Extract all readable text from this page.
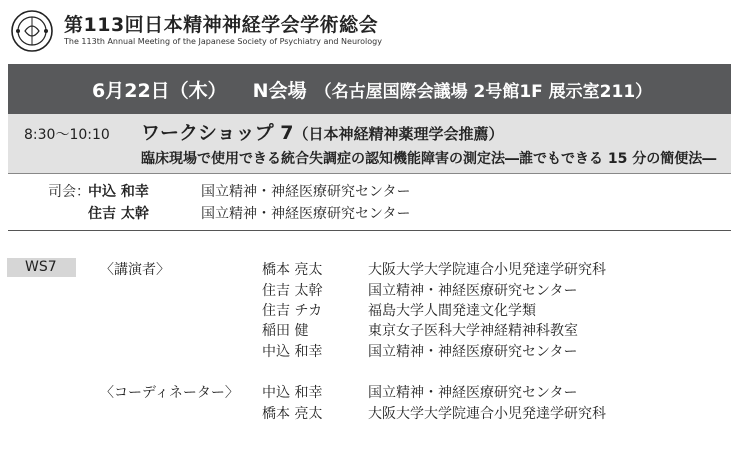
第113回日本精神神経学会学術総会
The 113th Annual Meeting of the Japanese Society of Psychiatry and Neurology
6月22日（木） N会場 （名古屋国際会議場 2号館1F 展示室211）
8:30～10:10 ワークショップ 7（日本神経精神薬理学会推薦）
臨床現場で使用できる統合失調症の認知機能障害の測定法―誰でもできる 15 分の簡便法―
司会：
中込 和幸	国立精神・神経医療研究センター
住吉 太幹	国立精神・神経医療研究センター
WS7	〈講演者〉	橋本 亮太	大阪大学大学院連合小児発達学研究科
住吉 太幹	国立精神・神経医療研究センター
住吉 チカ	福島大学人間発達文化学類
稲田 健	東京女子医科大学神経精神科教室
中込 和幸	国立精神・神経医療研究センター
〈コーディネーター〉 中込 和幸	国立精神・神経医療研究センター
橋本 亮太	大阪大学大学院連合小児発達学研究科
